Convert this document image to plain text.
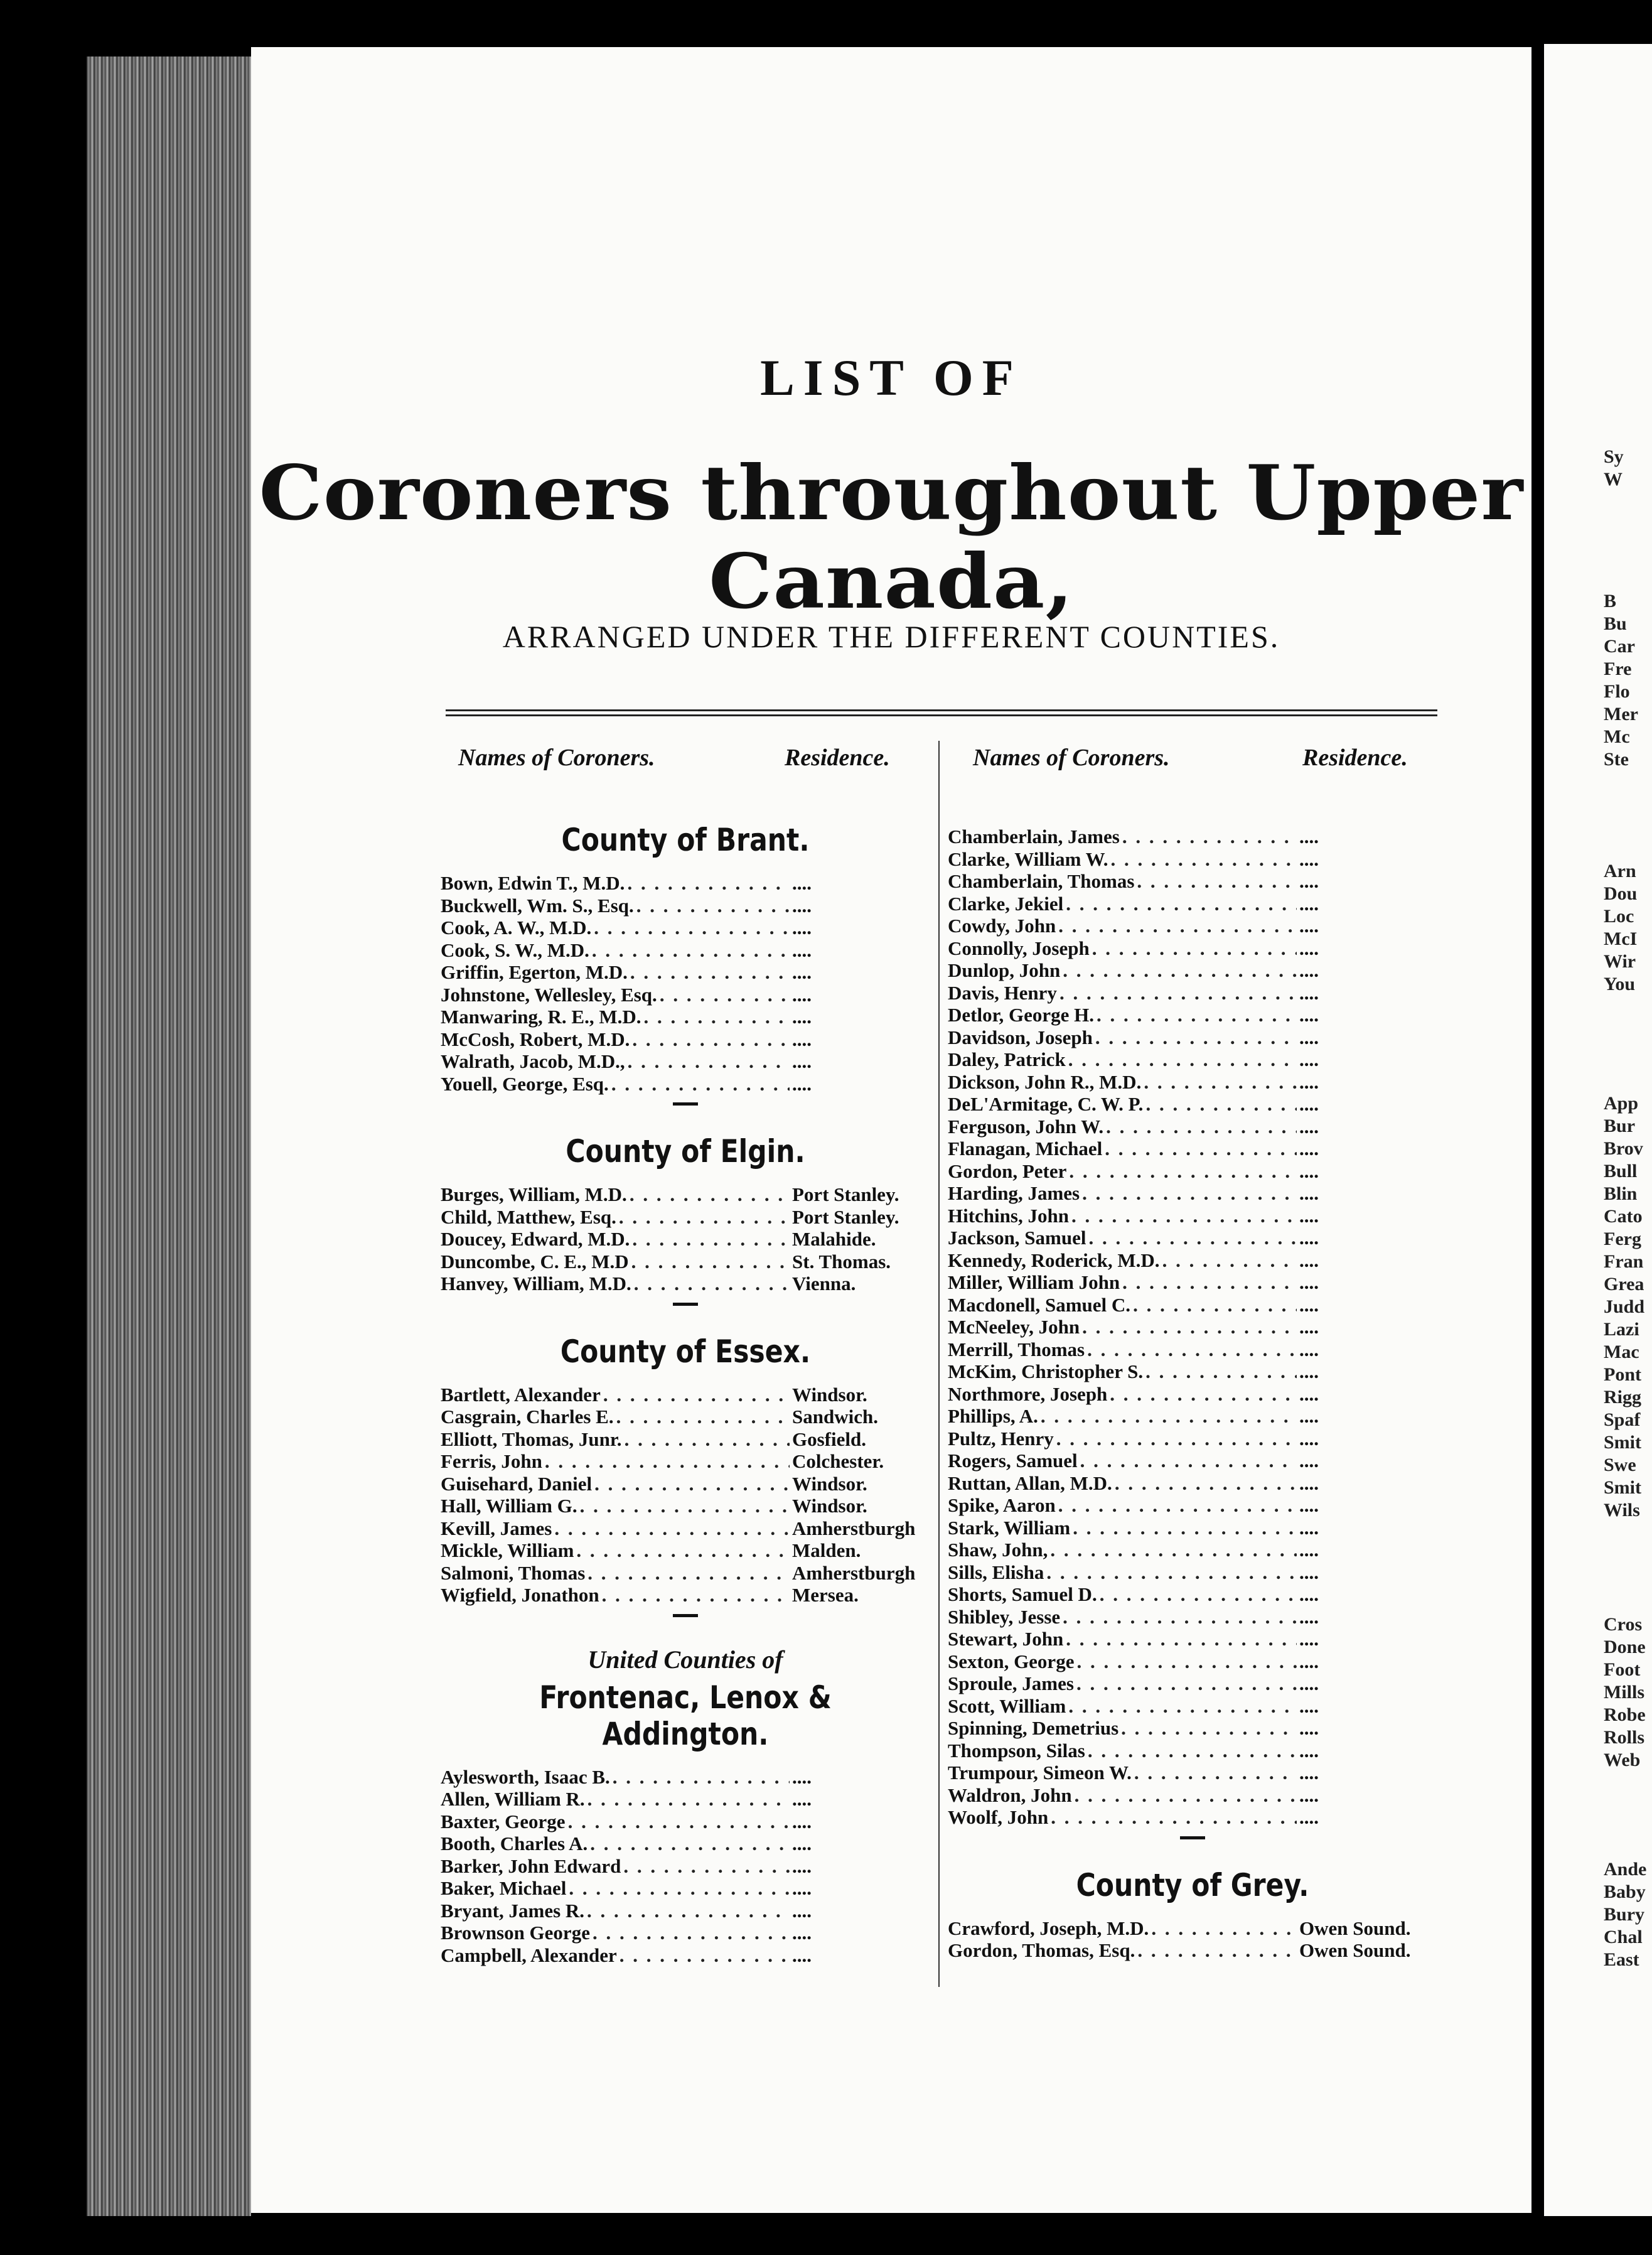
LIST OF
Coroners throughout Upper Canada,
ARRANGED UNDER THE DIFFERENT COUNTIES.
Names of Coroners.	Residence.	Names of Coroners.	Residence.
County of Brant.
Bown, Edwin T., M.D. . . .	....
Buckwell, Wm. S., Esq. . . .	....
Cook, A. W., M.D. . . .	....
Cook, S. W., M.D. . . .	....
Griffin, Egerton, M.D. . . .	....
Johnstone, Wellesley, Esq. . . .	....
Manwaring, R. E., M.D. . . .	....
McCosh, Robert, M.D. . . .	....
Walrath, Jacob, M.D., . . .	....
Youell, George, Esq. . . .	....
County of Elgin.
Burges, William, M.D. . . .	Port Stanley.
Child, Matthew, Esq. . . .	Port Stanley.
Doucey, Edward, M.D. . . .	Malahide.
Duncombe, C. E., M.D . . .	St. Thomas.
Hanvey, William, M.D. . . .	Vienna.
County of Essex.
Bartlett, Alexander . . .	Windsor.
Casgrain, Charles E. . . .	Sandwich.
Elliott, Thomas, Junr. . . .	Gosfield.
Ferris, John . . .	Colchester.
Guisehard, Daniel . . .	Windsor.
Hall, William G. . . .	Windsor.
Kevill, James . . .	Amherstburgh
Mickle, William . . .	Malden.
Salmoni, Thomas . . .	Amherstburgh
Wigfield, Jonathon . . .	Mersea.
United Counties of
Frontenac, Lenox & Addington.
Aylesworth, Isaac B. . . .	....
Allen, William R. . . .	....
Baxter, George . . .	....
Booth, Charles A. . . .	....
Barker, John Edward . . .	....
Baker, Michael . . .	....
Bryant, James R. . . .	....
Brownson George . . .	....
Campbell, Alexander . . .	....
Chamberlain, James . . .	....
Clarke, William W. . . .	....
Chamberlain, Thomas . . .	....
Clarke, Jekiel . . .	....
Cowdy, John . . .	....
Connolly, Joseph . . .	....
Dunlop, John . . .	....
Davis, Henry . . .	....
Detlor, George H. . . .	....
Davidson, Joseph . . .	....
Daley, Patrick . . .	....
Dickson, John R., M.D. . . .	....
DeL'Armitage, C. W. P. . . .	....
Ferguson, John W. . . .	....
Flanagan, Michael . . .	....
Gordon, Peter . . .	....
Harding, James . . .	....
Hitchins, John . . .	....
Jackson, Samuel . . .	....
Kennedy, Roderick, M.D. . . .	....
Miller, William John . . .	....
Macdonell, Samuel C. . . .	....
McNeeley, John . . .	....
Merrill, Thomas . . .	....
McKim, Christopher S. . . .	....
Northmore, Joseph . . .	....
Phillips, A. . . .	....
Pultz, Henry . . .	....
Rogers, Samuel . . .	....
Ruttan, Allan, M.D. . . .	....
Spike, Aaron . . .	....
Stark, William . . .	....
Shaw, John, . . .	....
Sills, Elisha . . .	....
Shorts, Samuel D. . . .	....
Shibley, Jesse . . .	....
Stewart, John . . .	....
Sexton, George . . .	....
Sproule, James . . .	....
Scott, William . . .	....
Spinning, Demetrius . . .	....
Thompson, Silas . . .	....
Trumpour, Simeon W. . . .	....
Waldron, John . . .	....
Woolf, John . . .	....
County of Grey.
Crawford, Joseph, M.D. . . .	Owen Sound.
Gordon, Thomas, Esq. . . .	Owen Sound.
Sy
W
B
Bu
Car
Fre
Flo
Mer
Mc
Ste
Arn
Dou
Loc
McI
Wir
You
App
Bur
Brov
Bull
Blin
Cato
Ferg
Fran
Grea
Judd
Lazi
Mac
Pont
Rigg
Spaf
Smit
Swe
Smit
Wils
Cros
Done
Foot
Mills
Robe
Rolls
Web
Ande
Baby
Bury
Chal
East
